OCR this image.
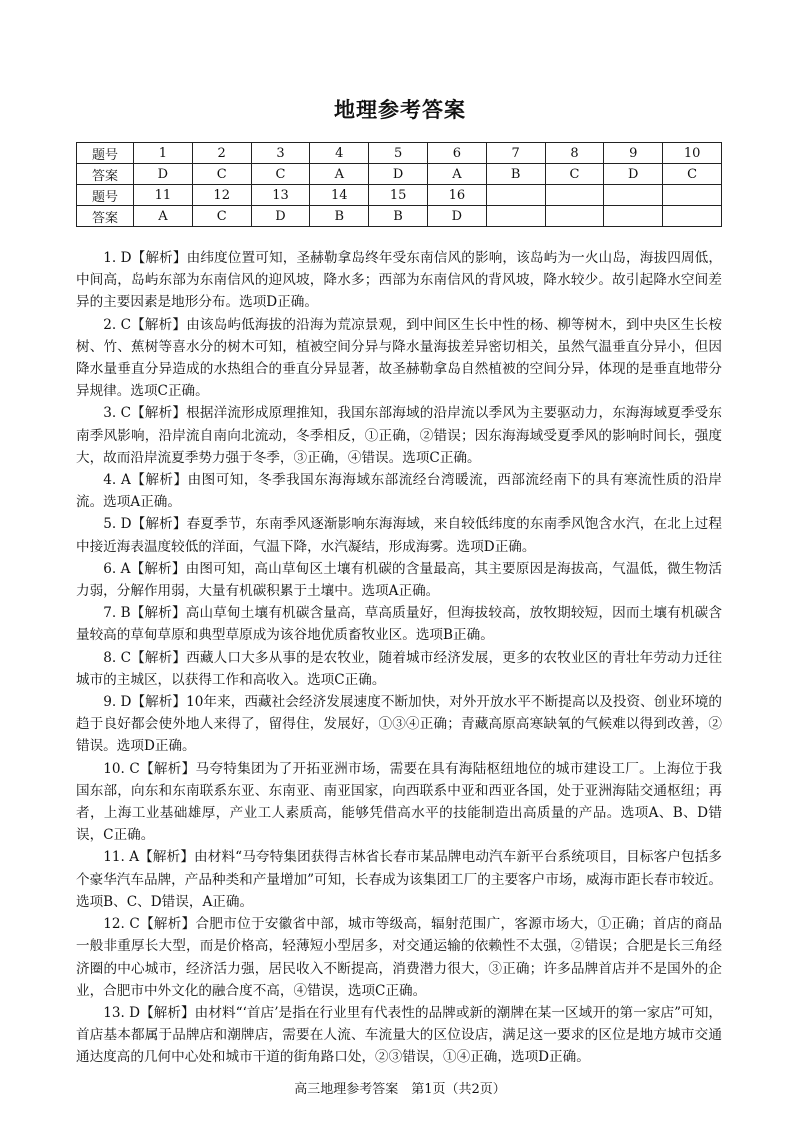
地理参考答案
题号	1	2	3	4	5	6	7	8	9	10
答案	D	C	C	A	D	A	B	C	D	C
题号	11	12	13	14	15	16				
答案	A	C	D	B	B	D				

1. D【解析】由纬度位置可知，圣赫勒拿岛终年受东南信风的影响，该岛屿为一火山岛，海拔四周低，中间高，岛屿东部为东南信风的迎风坡，降水多；西部为东南信风的背风坡，降水较少。故引起降水空间差异的主要因素是地形分布。选项D正确。

2. C【解析】由该岛屿低海拔的沿海为荒凉景观，到中间区生长中性的杨、柳等树木，到中央区生长桉树、竹、蕉树等喜水分的树木可知，植被空间分异与降水量海拔差异密切相关，虽然气温垂直分异小，但因降水量垂直分异造成的水热组合的垂直分异显著，故圣赫勒拿岛自然植被的空间分异，体现的是垂直地带分异规律。选项C正确。

3. C【解析】根据洋流形成原理推知，我国东部海域的沿岸流以季风为主要驱动力，东海海域夏季受东南季风影响，沿岸流自南向北流动，冬季相反，①正确，②错误；因东海海域受夏季风的影响时间长，强度大，故而沿岸流夏季势力强于冬季，③正确，④错误。选项C正确。

4. A【解析】由图可知，冬季我国东海海域东部流经台湾暖流，西部流经南下的具有寒流性质的沿岸流。选项A正确。

5. D【解析】春夏季节，东南季风逐渐影响东海海域，来自较低纬度的东南季风饱含水汽，在北上过程中接近海表温度较低的洋面，气温下降，水汽凝结，形成海雾。选项D正确。

6. A【解析】由图可知，高山草甸区土壤有机碳的含量最高，其主要原因是海拔高，气温低，微生物活力弱，分解作用弱，大量有机碳积累于土壤中。选项A正确。

7. B【解析】高山草甸土壤有机碳含量高，草高质量好，但海拔较高，放牧期较短，因而土壤有机碳含量较高的草甸草原和典型草原成为该谷地优质畜牧业区。选项B正确。

8. C【解析】西藏人口大多从事的是农牧业，随着城市经济发展，更多的农牧业区的青壮年劳动力迁往城市的主城区，以获得工作和高收入。选项C正确。

9. D【解析】10年来，西藏社会经济发展速度不断加快，对外开放水平不断提高以及投资、创业环境的趋于良好都会使外地人来得了，留得住，发展好，①③④正确；青藏高原高寒缺氧的气候难以得到改善，②错误。选项D正确。

10. C【解析】马夸特集团为了开拓亚洲市场，需要在具有海陆枢纽地位的城市建设工厂。上海位于我国东部，向东和东南联系东亚、东南亚、南亚国家，向西联系中亚和西亚各国，处于亚洲海陆交通枢纽；再者，上海工业基础雄厚，产业工人素质高，能够凭借高水平的技能制造出高质量的产品。选项A、B、D错误，C正确。

11. A【解析】由材料“马夸特集团获得吉林省长春市某品牌电动汽车新平台系统项目，目标客户包括多个豪华汽车品牌，产品种类和产量增加”可知，长春成为该集团工厂的主要客户市场，威海市距长春市较近。选项B、C、D错误，A正确。

12. C【解析】合肥市位于安徽省中部，城市等级高，辐射范围广，客源市场大，①正确；首店的商品一般非重厚长大型，而是价格高，轻薄短小型居多，对交通运输的依赖性不太强，②错误；合肥是长三角经济圈的中心城市，经济活力强，居民收入不断提高，消费潜力很大，③正确；许多品牌首店并不是国外的企业，合肥市中外文化的融合度不高，④错误，选项C正确。

13. D【解析】由材料“‘首店’是指在行业里有代表性的品牌或新的潮牌在某一区域开的第一家店”可知，首店基本都属于品牌店和潮牌店，需要在人流、车流量大的区位设店，满足这一要求的区位是地方城市交通通达度高的几何中心处和城市干道的街角路口处，②③错误，①④正确，选项D正确。

高三地理参考答案　第1页（共2页）
